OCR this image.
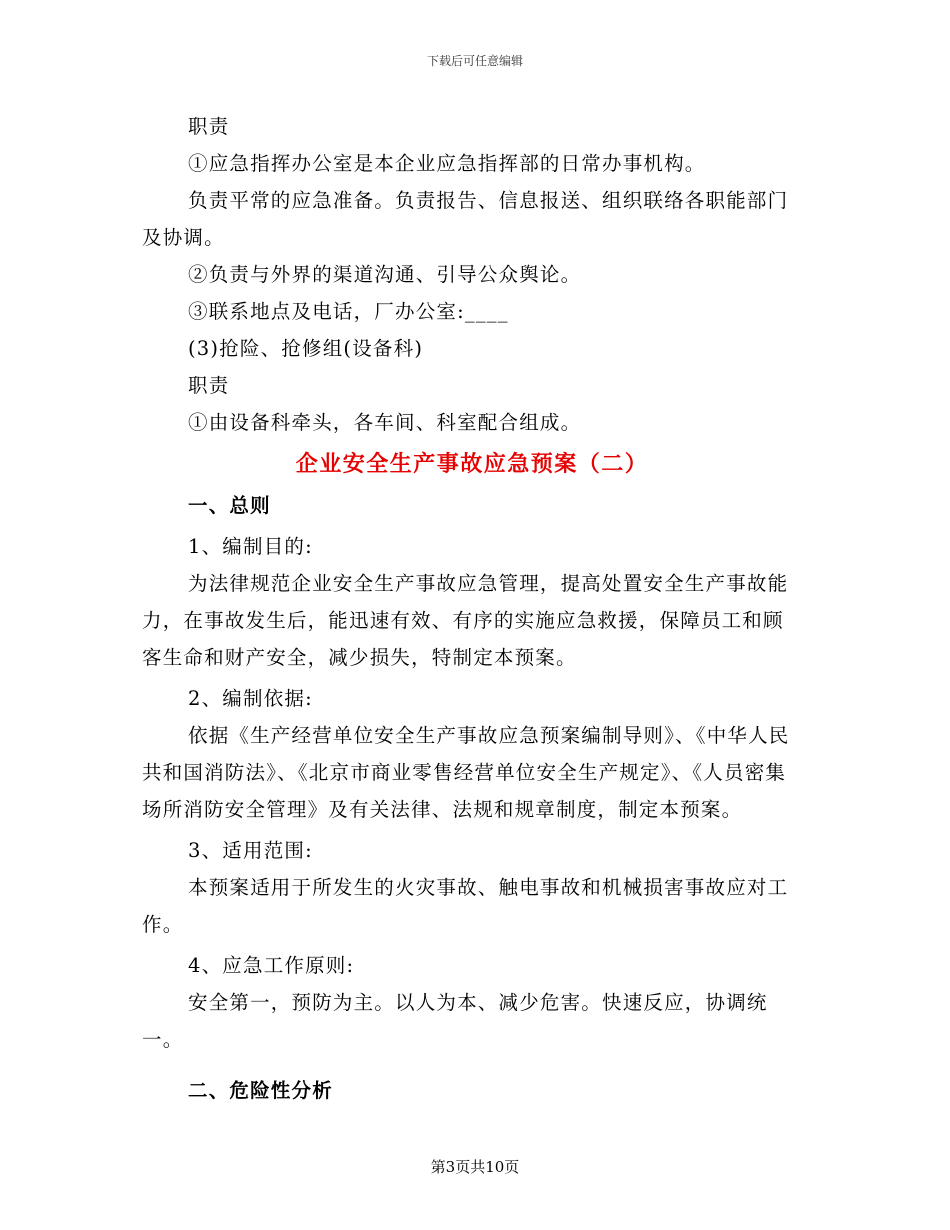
下载后可任意编辑

职责

①应急指挥办公室是本企业应急指挥部的日常办事机构。

负责平常的应急准备。负责报告、信息报送、组织联络各职能部门及协调。

②负责与外界的渠道沟通、引导公众舆论。

③联系地点及电话，厂办公室:____

(3)抢险、抢修组(设备科)

职责

①由设备科牵头，各车间、科室配合组成。

企业安全生产事故应急预案（二）

一、总则

1、编制目的:

为法律规范企业安全生产事故应急管理，提高处置安全生产事故能力，在事故发生后，能迅速有效、有序的实施应急救援，保障员工和顾客生命和财产安全，减少损失，特制定本预案。

2、编制依据:

依据《生产经营单位安全生产事故应急预案编制导则》、《中华人民共和国消防法》、《北京市商业零售经营单位安全生产规定》、《人员密集场所消防安全管理》及有关法律、法规和规章制度，制定本预案。

3、适用范围:

本预案适用于所发生的火灾事故、触电事故和机械损害事故应对工作。

4、应急工作原则:

安全第一，预防为主。以人为本、减少危害。快速反应，协调统一。

二、危险性分析

第3页共10页
